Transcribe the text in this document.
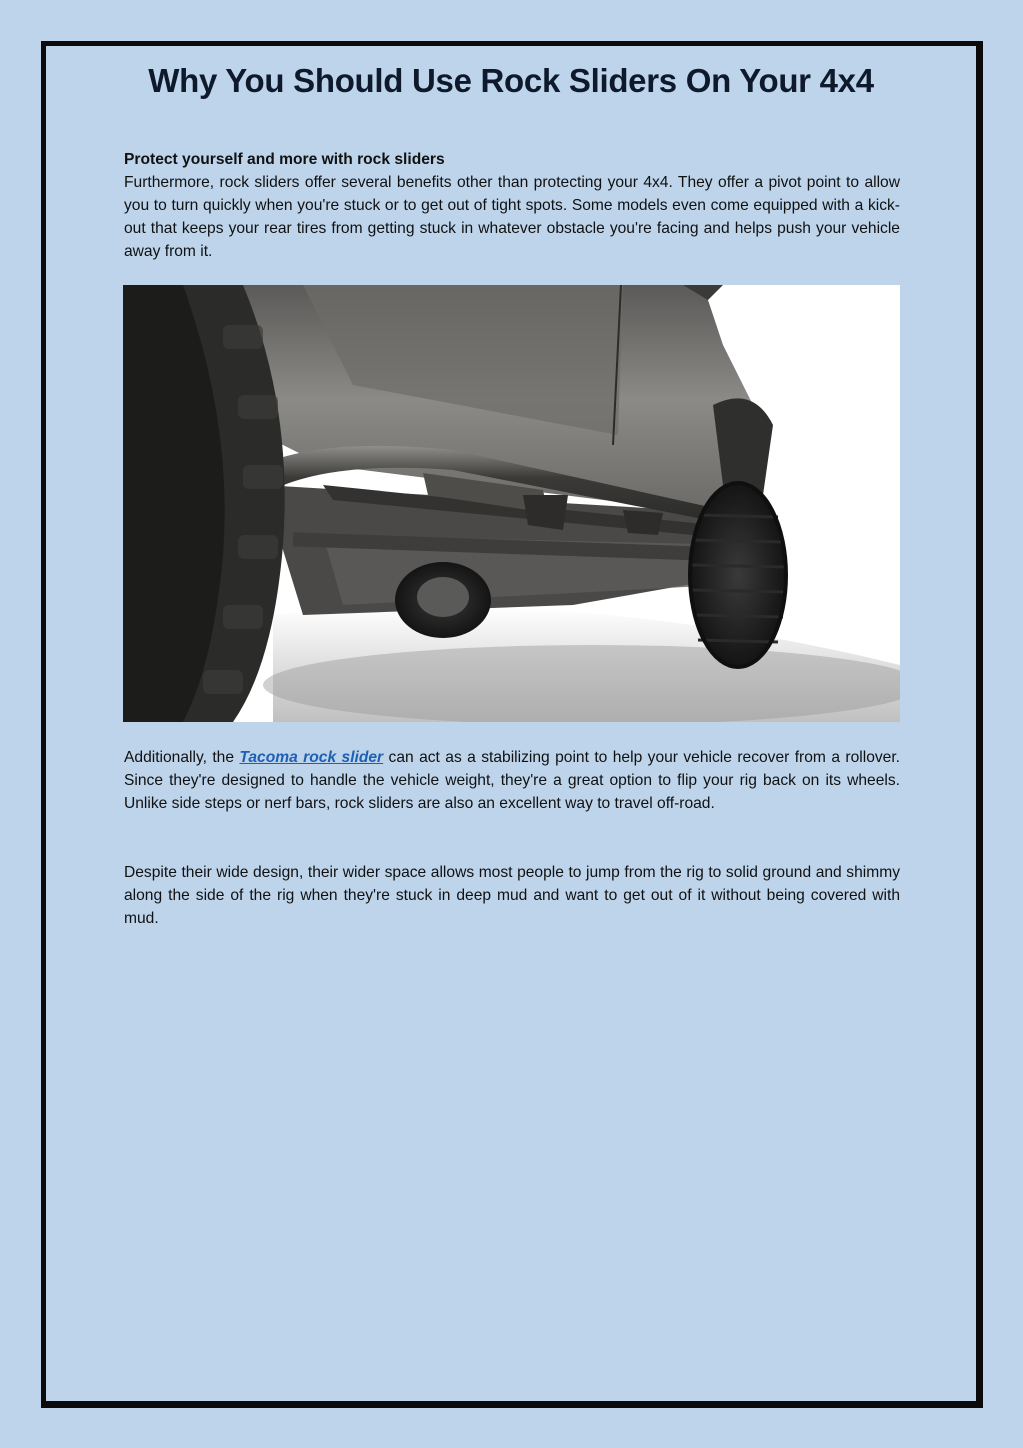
Why You Should Use Rock Sliders On Your 4x4
Protect yourself and more with rock sliders
Furthermore, rock sliders offer several benefits other than protecting your 4x4. They offer a pivot point to allow you to turn quickly when you're stuck or to get out of tight spots. Some models even come equipped with a kick-out that keeps your rear tires from getting stuck in whatever obstacle you're facing and helps push your vehicle away from it.
Additionally, the Tacoma rock slider can act as a stabilizing point to help your vehicle recover from a rollover. Since they're designed to handle the vehicle weight, they're a great option to flip your rig back on its wheels. Unlike side steps or nerf bars, rock sliders are also an excellent way to travel off-road.
Despite their wide design, their wider space allows most people to jump from the rig to solid ground and shimmy along the side of the rig when they're stuck in deep mud and want to get out of it without being covered with mud.
